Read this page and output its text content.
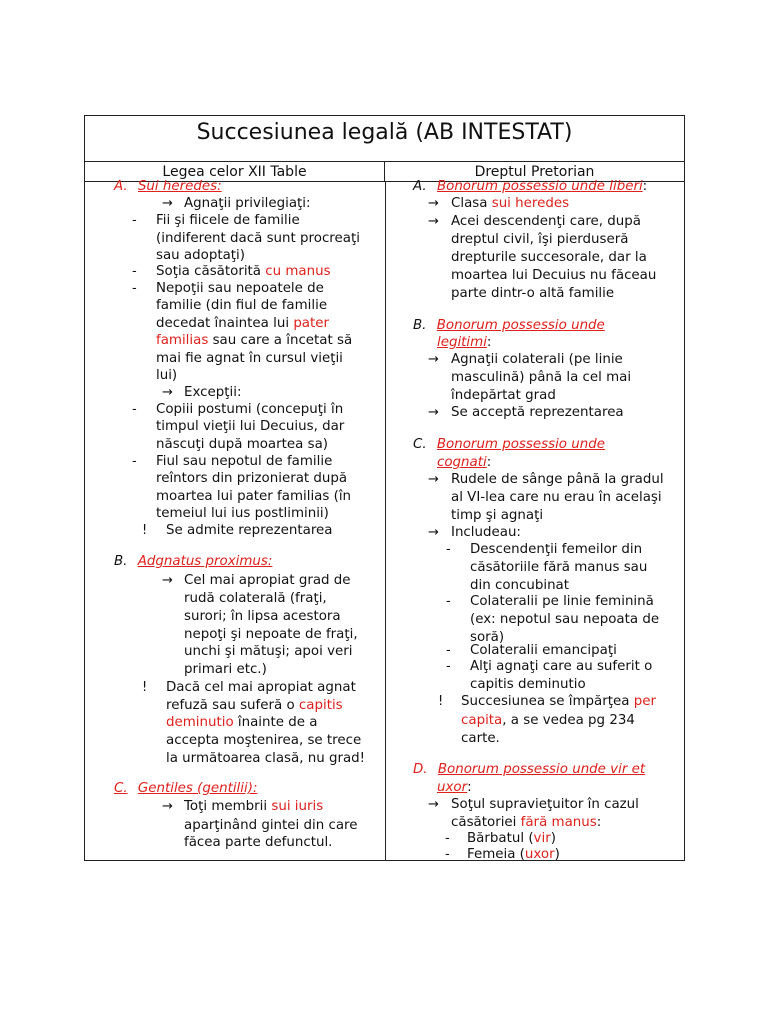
Succesiunea legală (AB INTESTAT)
Legea celor XII Table	Dreptul Pretorian
A. Sui heredes:
→ Agnaţii privilegiaţi:
- Fii şi fiicele de familie
(indiferent dacă sunt procreaţi
sau adoptaţi)
- Soţia căsătorită cu manus
- Nepoţii sau nepoatele de
familie (din fiul de familie
decedat înaintea lui pater
familias sau care a încetat să
mai fie agnat în cursul vieţii
lui)
→ Excepţii:
- Copiii postumi (concepuţi în
timpul vieţii lui Decuius, dar
născuţi după moartea sa)
- Fiul sau nepotul de familie
reîntors din prizonierat după
moartea lui pater familias (în
temeiul lui ius postliminii)
! Se admite reprezentarea
B. Adgnatus proximus:
→ Cel mai apropiat grad de
rudă colaterală (fraţi,
surori; în lipsa acestora
nepoţi şi nepoate de fraţi,
unchi şi mătuşi; apoi veri
primari etc.)
! Dacă cel mai apropiat agnat
refuză sau suferă o capitis
deminutio înainte de a
accepta moştenirea, se trece
la următoarea clasă, nu grad!
C. Gentiles (gentilii):
→ Toţi membrii sui iuris
aparţinând gintei din care
făcea parte defunctul.
A. Bonorum possessio unde liberi:
→ Clasa sui heredes
→ Acei descendenţi care, după
dreptul civil, îşi pierduseră
drepturile succesorale, dar la
moartea lui Decuius nu făceau
parte dintr-o altă familie
B. Bonorum possessio unde
legitimi:
→ Agnaţii colaterali (pe linie
masculină) până la cel mai
îndepărtat grad
→ Se acceptă reprezentarea
C. Bonorum possessio unde
cognati:
→ Rudele de sânge până la gradul
al VI-lea care nu erau în acelaşi
timp şi agnaţi
→ Includeau:
- Descendenţii femeilor din
căsătoriile fără manus sau
din concubinat
- Colateralii pe linie feminină
(ex: nepotul sau nepoata de
soră)
- Colateralii emancipaţi
- Alţi agnaţi care au suferit o
capitis deminutio
! Succesiunea se împărţea per
capita, a se vedea pg 234
carte.
D. Bonorum possessio unde vir et
uxor:
→ Soţul supravieţuitor în cazul
căsătoriei fără manus:
- Bărbatul (vir)
- Femeia (uxor)
